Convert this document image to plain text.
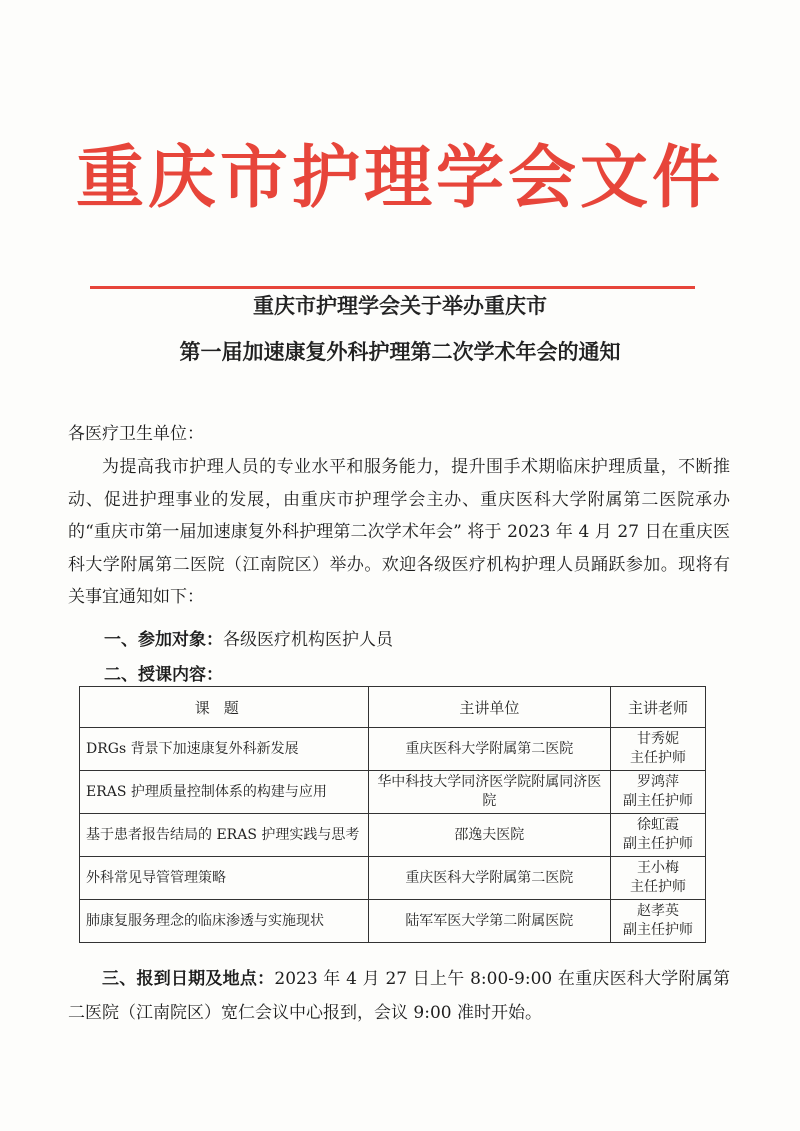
重庆市护理学会文件
重庆市护理学会关于举办重庆市
第一届加速康复外科护理第二次学术年会的通知
各医疗卫生单位：

为提高我市护理人员的专业水平和服务能力，提升围手术期临床护理质量，不断推动、促进护理事业的发展，由重庆市护理学会主办、重庆医科大学附属第二医院承办的“重庆市第一届加速康复外科护理第二次学术年会” 将于 2023 年 4 月 27 日在重庆医科大学附属第二医院（江南院区）举办。欢迎各级医疗机构护理人员踊跃参加。现将有关事宜通知如下：

一、参加对象：各级医疗机构医护人员
二、授课内容：
课题	主讲单位	主讲老师
DRGs 背景下加速康复外科新发展	重庆医科大学附属第二医院	甘秀妮
主任护师

ERAS 护理质量控制体系的构建与应用	华中科技大学同济医学院附属同济医院	罗鸿萍
副主任护师

基于患者报告结局的 ERAS 护理实践与思考	邵逸夫医院	徐虹霞
副主任护师

外科常见导管管理策略	重庆医科大学附属第二医院	王小梅
主任护师

肺康复服务理念的临床渗透与实施现状	陆军军医大学第二附属医院	赵孝英
副主任护师

三、报到日期及地点：2023 年 4 月 27 日上午 8:00-9:00 在重庆医科大学附属第二医院（江南院区）宽仁会议中心报到，会议 9:00 准时开始。
